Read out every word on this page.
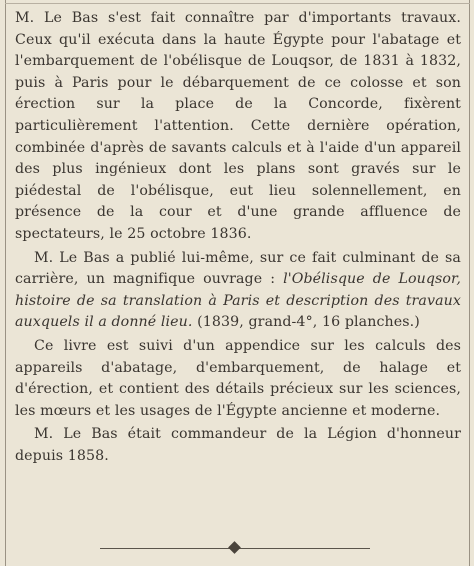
M. Le Bas s'est fait connaître par d'importants travaux. Ceux qu'il exécuta dans la haute Égypte pour l'abatage et l'embarquement de l'obélisque de Louqsor, de 1831 à 1832, puis à Paris pour le débarquement de ce colosse et son érection sur la place de la Concorde, fixèrent particulièrement l'attention. Cette dernière opération, combinée d'après de savants calculs et à l'aide d'un appareil des plus ingénieux dont les plans sont gravés sur le piédestal de l'obélisque, eut lieu solennellement, en présence de la cour et d'une grande affluence de spectateurs, le 25 octobre 1836.

M. Le Bas a publié lui-même, sur ce fait culminant de sa carrière, un magnifique ouvrage : l'Obélisque de Louqsor, histoire de sa translation à Paris et description des travaux auxquels il a donné lieu. (1839, grand-4°, 16 planches.)

Ce livre est suivi d'un appendice sur les calculs des appareils d'abatage, d'embarquement, de halage et d'érection, et contient des détails précieux sur les sciences, les mœurs et les usages de l'Égypte ancienne et moderne.

M. Le Bas était commandeur de la Légion d'honneur depuis 1858.
